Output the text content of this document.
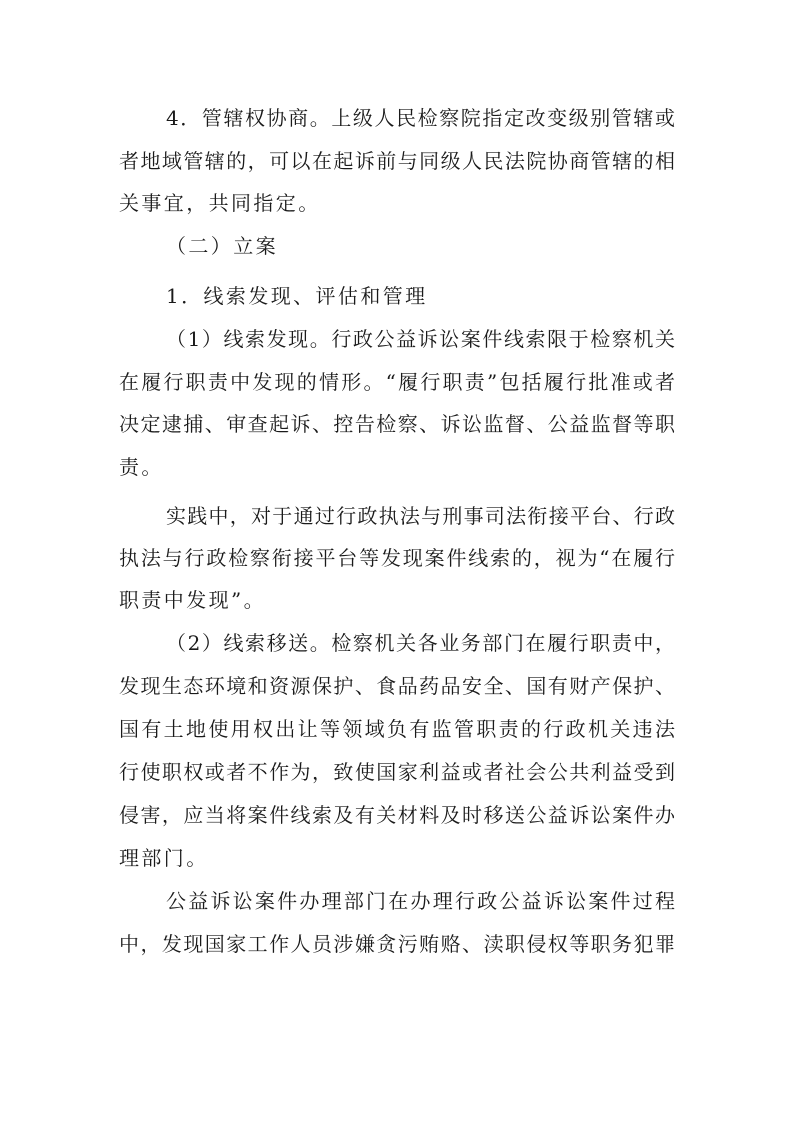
4．管辖权协商。上级人民检察院指定改变级别管辖或
者地域管辖的，可以在起诉前与同级人民法院协商管辖的相
关事宜，共同指定。
（二）立案
1．线索发现、评估和管理
（1）线索发现。行政公益诉讼案件线索限于检察机关
在履行职责中发现的情形。“履行职责”包括履行批准或者
决定逮捕、审查起诉、控告检察、诉讼监督、公益监督等职
责。
实践中，对于通过行政执法与刑事司法衔接平台、行政
执法与行政检察衔接平台等发现案件线索的，视为“在履行
职责中发现”。
（2）线索移送。检察机关各业务部门在履行职责中，
发现生态环境和资源保护、食品药品安全、国有财产保护、
国有土地使用权出让等领域负有监管职责的行政机关违法
行使职权或者不作为，致使国家利益或者社会公共利益受到
侵害，应当将案件线索及有关材料及时移送公益诉讼案件办
理部门。
公益诉讼案件办理部门在办理行政公益诉讼案件过程
中，发现国家工作人员涉嫌贪污贿赂、渎职侵权等职务犯罪
